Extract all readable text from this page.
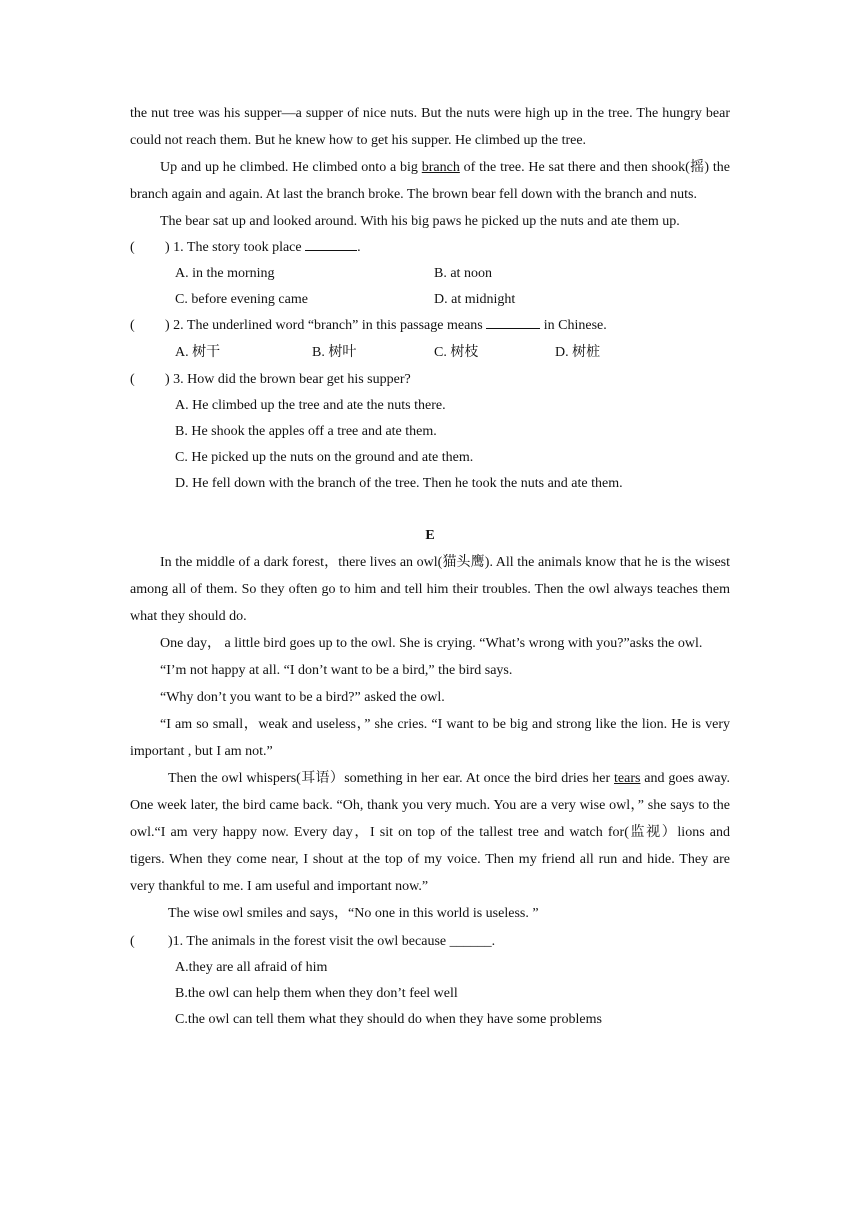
the nut tree was his supper—a supper of nice nuts. But the nuts were high up in the tree. The hungry bear could not reach them. But he knew how to get his supper. He climbed up the tree.

Up and up he climbed. He climbed onto a big branch of the tree. He sat there and then shook(摇) the branch again and again. At last the branch broke. The brown bear fell down with the branch and nuts.

The bear sat up and looked around. With his big paws he picked up the nuts and ate them up.

( ) 1. The story took place	.
A. in the morning	B. at noon
C. before evening came	D. at midnight
( ) 2. The underlined word “branch” in this passage means	in Chinese.
A. 树干	B. 树叶	C. 树枝	D. 树桩
( ) 3. How did the brown bear get his supper?
A. He climbed up the tree and ate the nuts there.
B. He shook the apples off a tree and ate them.
C. He picked up the nuts on the ground and ate them.
D. He fell down with the branch of the tree. Then he took the nuts and ate them.
E

In the middle of a dark forest，there lives an owl(猫头鹰). All the animals know that he is the wisest among all of them. So they often go to him and tell him their troubles. Then the owl always teaches them what they should do.

One day， a little bird goes up to the owl. She is crying. “What’s wrong with you?”asks the owl.

“I’m not happy at all. “I don’t want to be a bird,” the bird says.

“Why don’t you want to be a bird?” asked the owl.

“I am so small，weak and useless，” she cries. “I want to be big and strong like the lion. He is very important , but I am not.”

Then the owl whispers(耳语）something in her ear. At once the bird dries her tears and goes away. One week later, the bird came back. “Oh, thank you very much. You are a very wise owl，” she says to the owl.“I am very happy now. Every day，I sit on top of the tallest tree and watch for(监视）lions and tigers. When they come near, I shout at the top of my voice. Then my friend all run and hide. They are very thankful to me. I am useful and important now.”

The wise owl smiles and says，“No one in this world is useless. ”

( )1. The animals in the forest visit the owl because ______.
A.they are all afraid of him
B.the owl can help them when they don’t feel well
C.the owl can tell them what they should do when they have some problems
